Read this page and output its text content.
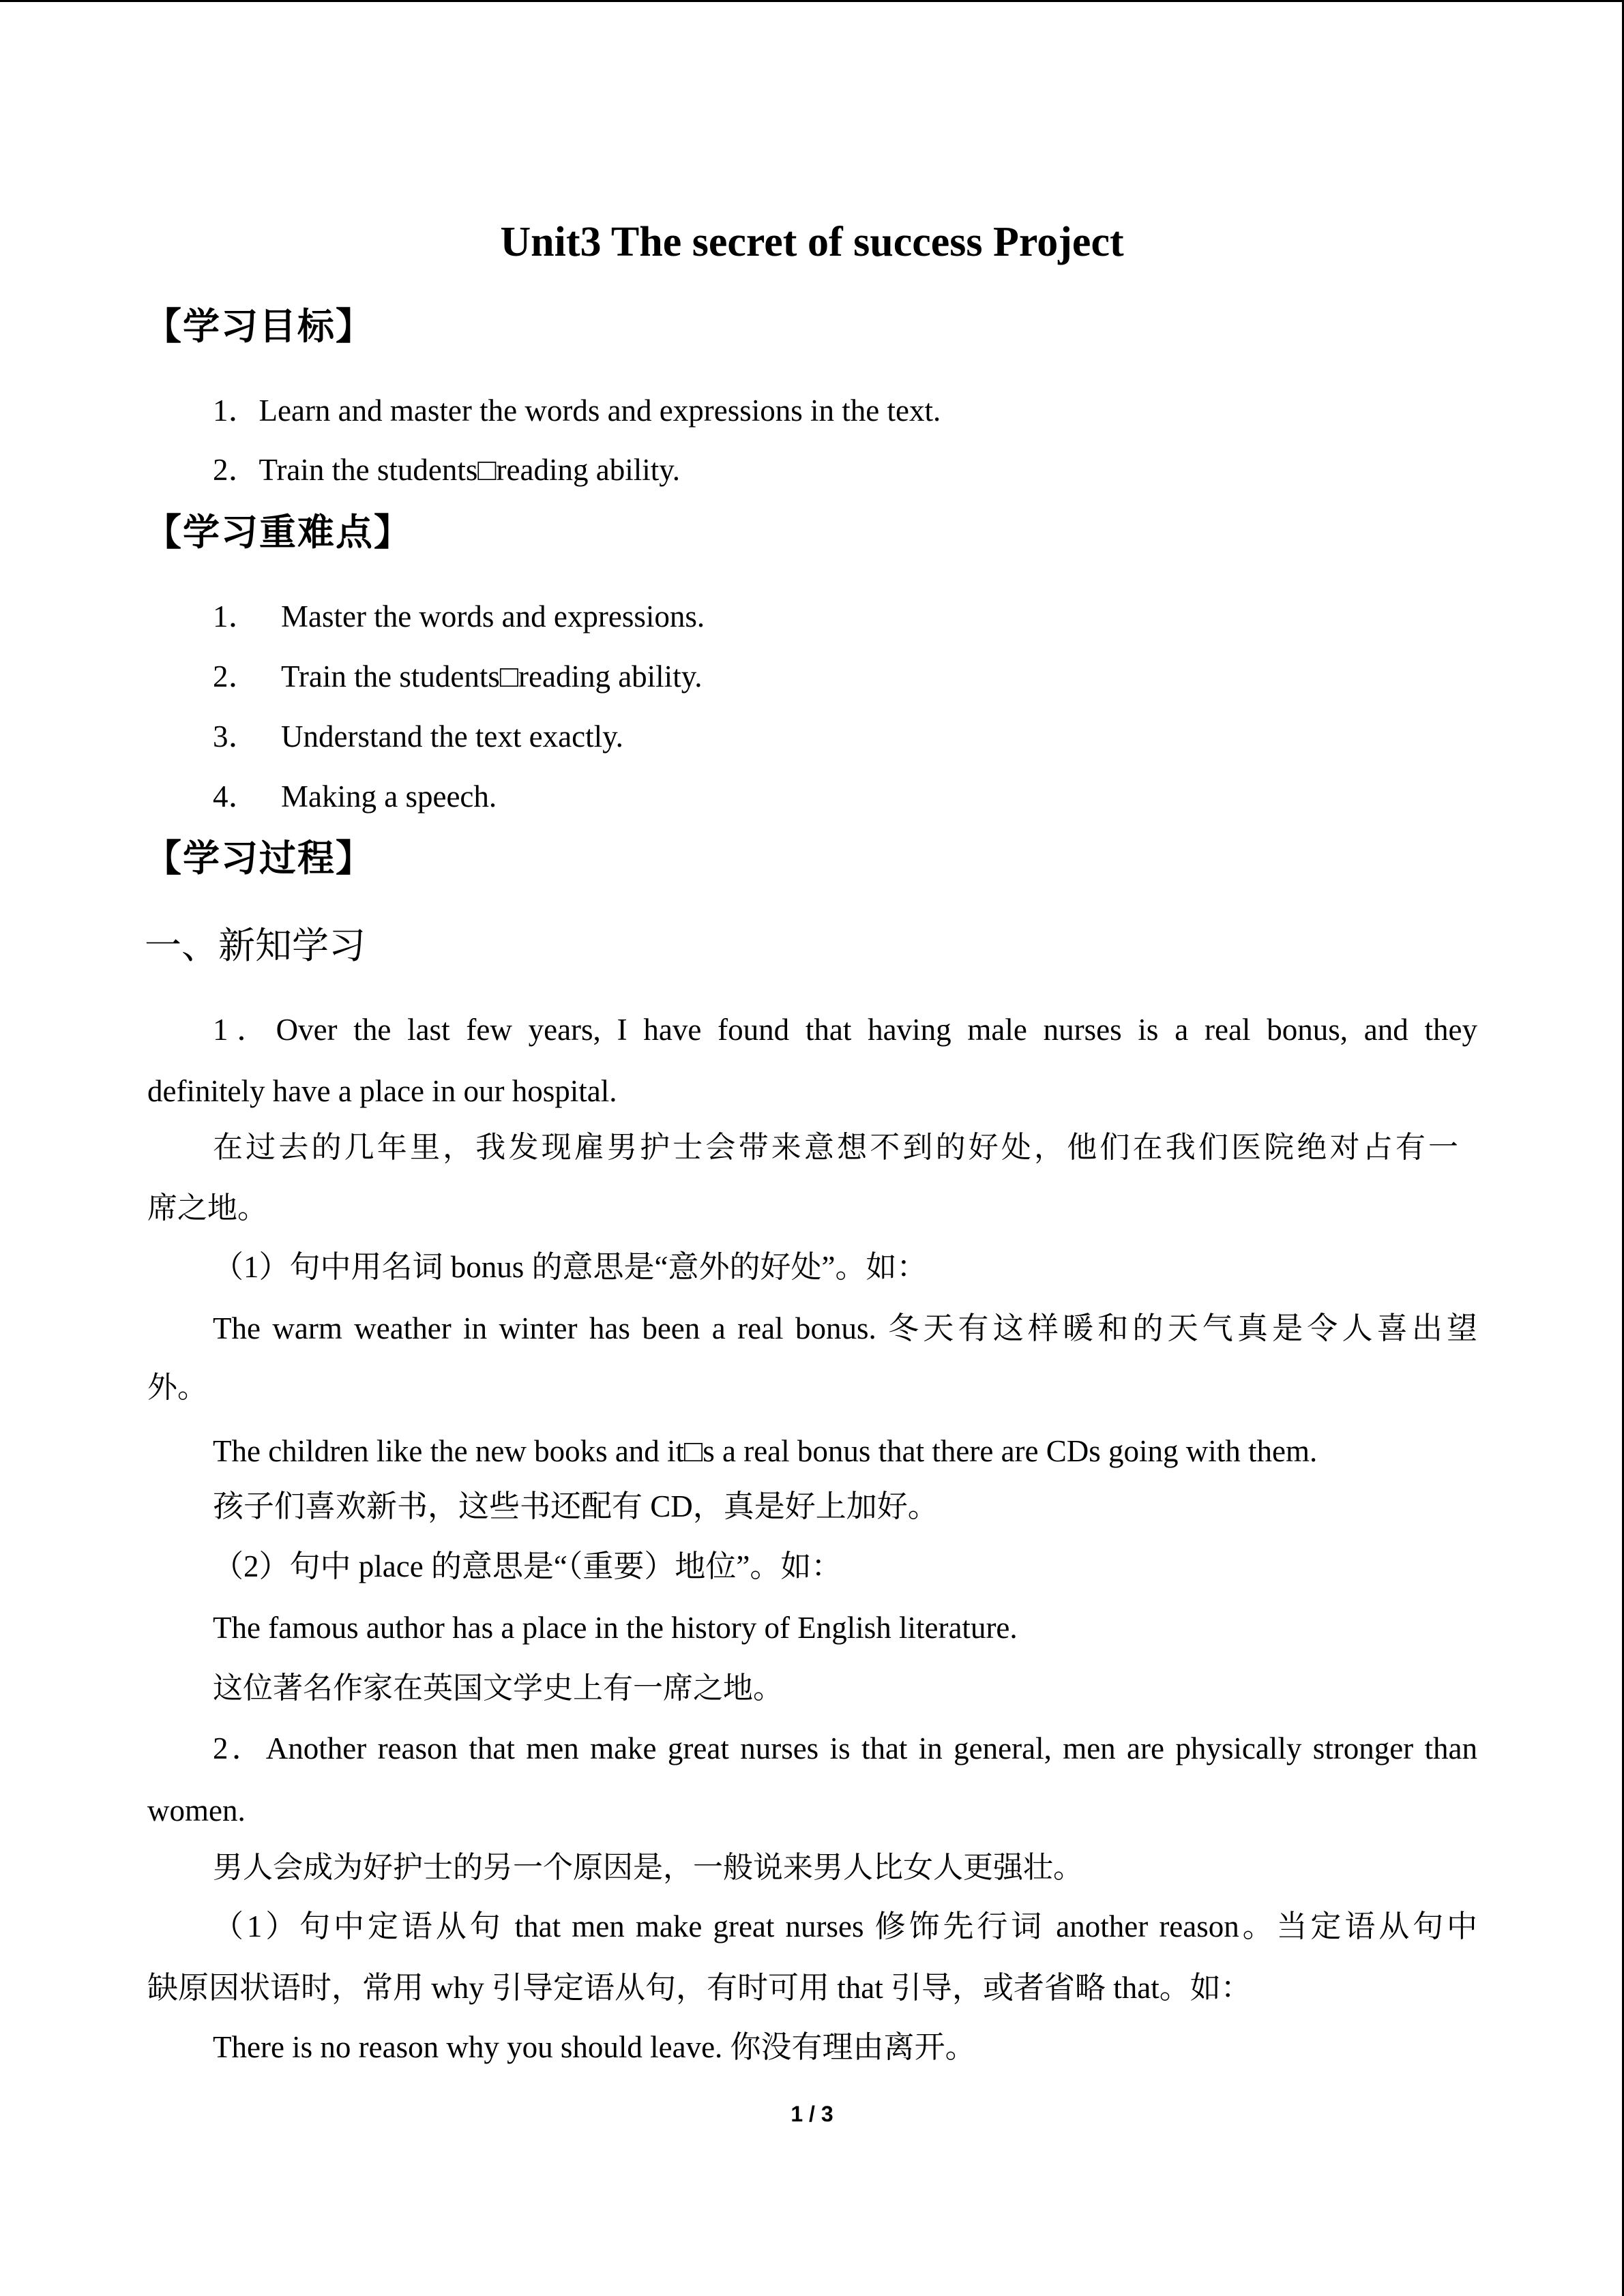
Unit3 The secret of success Project
【学习目标】
1．Learn and master the words and expressions in the text.
2．Train the students□reading ability.
【学习重难点】
1． Master the words and expressions.
2． Train the students□reading ability.
3． Understand the text exactly.
4． Making a speech.
【学习过程】
一、新知学习
1．Over the last few years, I have found that having male nurses is a real bonus, and they
definitely have a place in our hospital.
在过去的几年里，我发现雇男护士会带来意想不到的好处，他们在我们医院绝对占有一
席之地。
（1）句中用名词 bonus 的意思是“意外的好处”。如：
The warm weather in winter has been a real bonus. 冬天有这样暖和的天气真是令人喜出望
外。
The children like the new books and it□s a real bonus that there are CDs going with them.
孩子们喜欢新书，这些书还配有 CD，真是好上加好。
（2）句中 place 的意思是“（重要）地位”。如：
The famous author has a place in the history of English literature.
这位著名作家在英国文学史上有一席之地。
2．Another reason that men make great nurses is that in general, men are physically stronger than
women.
男人会成为好护士的另一个原因是，一般说来男人比女人更强壮。
（1）句中定语从句 that men make great nurses 修饰先行词 another reason。当定语从句中
缺原因状语时，常用 why 引导定语从句，有时可用 that 引导，或者省略 that。如：
There is no reason why you should leave. 你没有理由离开。
1 / 3
